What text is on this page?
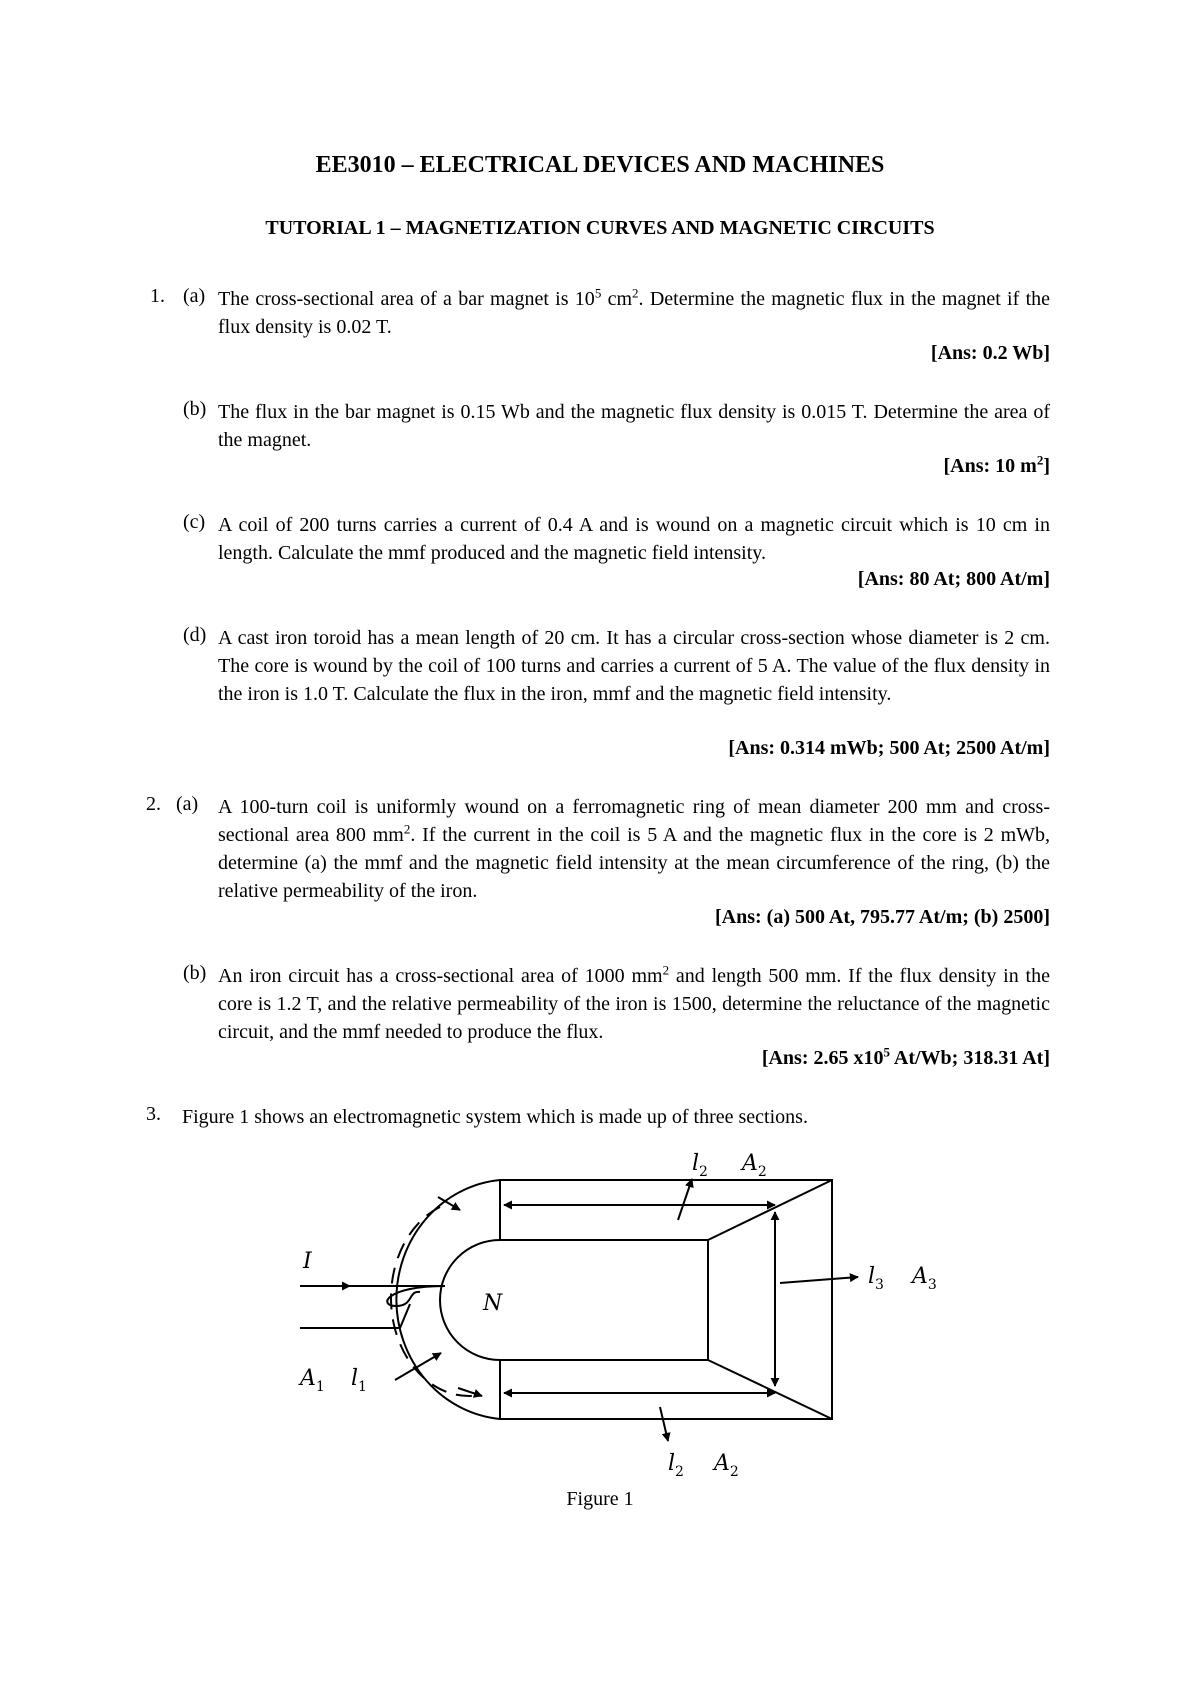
EE3010 – ELECTRICAL DEVICES AND MACHINES
TUTORIAL 1 – MAGNETIZATION CURVES AND MAGNETIC CIRCUITS
1. (a) The cross-sectional area of a bar magnet is $10^5$ $cm^2$. Determine the magnetic flux in the magnet if the flux density is 0.02 T.
[Ans: 0.2 Wb]
(b) The flux in the bar magnet is 0.15 Wb and the magnetic flux density is 0.015 T. Determine the area of the magnet.
[Ans: 10 $m^2$]
(c) A coil of 200 turns carries a current of 0.4 A and is wound on a magnetic circuit which is 10 cm in length. Calculate the mmf produced and the magnetic field intensity.
[Ans: 80 At; 800 At/m]
(d) A cast iron toroid has a mean length of 20 cm. It has a circular cross-section whose diameter is 2 cm. The core is wound by the coil of 100 turns and carries a current of 5 A. The value of the flux density in the iron is 1.0 T. Calculate the flux in the iron, mmf and the magnetic field intensity.
[Ans: 0.314 mWb; 500 At; 2500 At/m]
2. (a) A 100-turn coil is uniformly wound on a ferromagnetic ring of mean diameter 200 mm and cross-sectional area 800 $mm^2$. If the current in the coil is 5 A and the magnetic flux in the core is 2 mWb, determine (a) the mmf and the magnetic field intensity at the mean circumference of the ring, (b) the relative permeability of the iron.
[Ans: (a) 500 At, 795.77 At/m; (b) 2500]
(b) An iron circuit has a cross-sectional area of 1000 $mm^2$ and length 500 mm. If the flux density in the core is 1.2 T, and the relative permeability of the iron is 1500, determine the reluctance of the magnetic circuit, and the mmf needed to produce the flux.
[Ans: 2.65 $x10^5$ At/Wb; 318.31 At]
3. Figure 1 shows an electromagnetic system which is made up of three sections.
I
N
$A_1$ $l_1$
$l_2$ $A_2$
$l_3$ $A_3$
$l_2$ $A_2$
Figure 1
